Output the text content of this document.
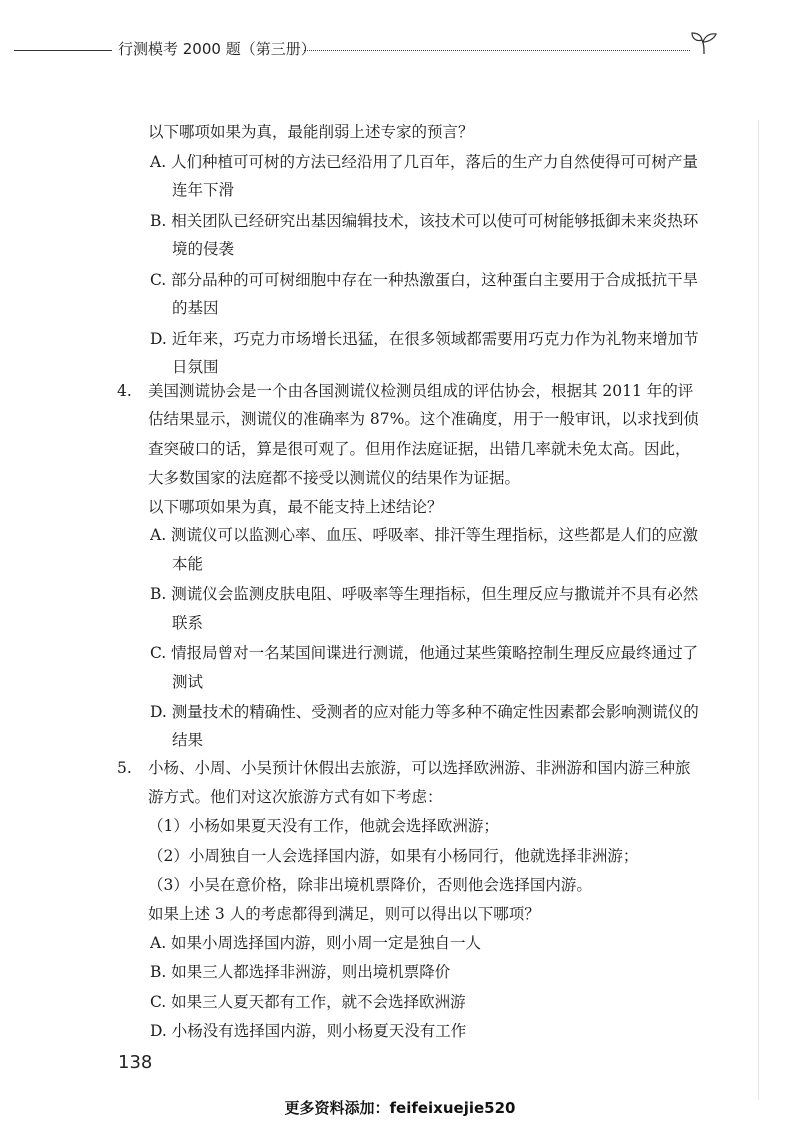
行测模考 2000 题（第三册）
以下哪项如果为真，最能削弱上述专家的预言？
A. 人们种植可可树的方法已经沿用了几百年，落后的生产力自然使得可可树产量
连年下滑
B. 相关团队已经研究出基因编辑技术，该技术可以使可可树能够抵御未来炎热环
境的侵袭
C. 部分品种的可可树细胞中存在一种热激蛋白，这种蛋白主要用于合成抵抗干旱
的基因
D. 近年来，巧克力市场增长迅猛，在很多领域都需要用巧克力作为礼物来增加节
日氛围
4. 美国测谎协会是一个由各国测谎仪检测员组成的评估协会，根据其 2011 年的评
估结果显示，测谎仪的准确率为 87%。这个准确度，用于一般审讯，以求找到侦
查突破口的话，算是很可观了。但用作法庭证据，出错几率就未免太高。因此，
大多数国家的法庭都不接受以测谎仪的结果作为证据。
以下哪项如果为真，最不能支持上述结论？
A. 测谎仪可以监测心率、血压、呼吸率、排汗等生理指标，这些都是人们的应激
本能
B. 测谎仪会监测皮肤电阻、呼吸率等生理指标，但生理反应与撒谎并不具有必然
联系
C. 情报局曾对一名某国间谍进行测谎，他通过某些策略控制生理反应最终通过了
测试
D. 测量技术的精确性、受测者的应对能力等多种不确定性因素都会影响测谎仪的
结果
5. 小杨、小周、小吴预计休假出去旅游，可以选择欧洲游、非洲游和国内游三种旅
游方式。他们对这次旅游方式有如下考虑：
（1）小杨如果夏天没有工作，他就会选择欧洲游；
（2）小周独自一人会选择国内游，如果有小杨同行，他就选择非洲游；
（3）小吴在意价格，除非出境机票降价，否则他会选择国内游。
如果上述 3 人的考虑都得到满足，则可以得出以下哪项？
A. 如果小周选择国内游，则小周一定是独自一人
B. 如果三人都选择非洲游，则出境机票降价
C. 如果三人夏天都有工作，就不会选择欧洲游
D. 小杨没有选择国内游，则小杨夏天没有工作
138
更多资料添加：feifeixuejie520
